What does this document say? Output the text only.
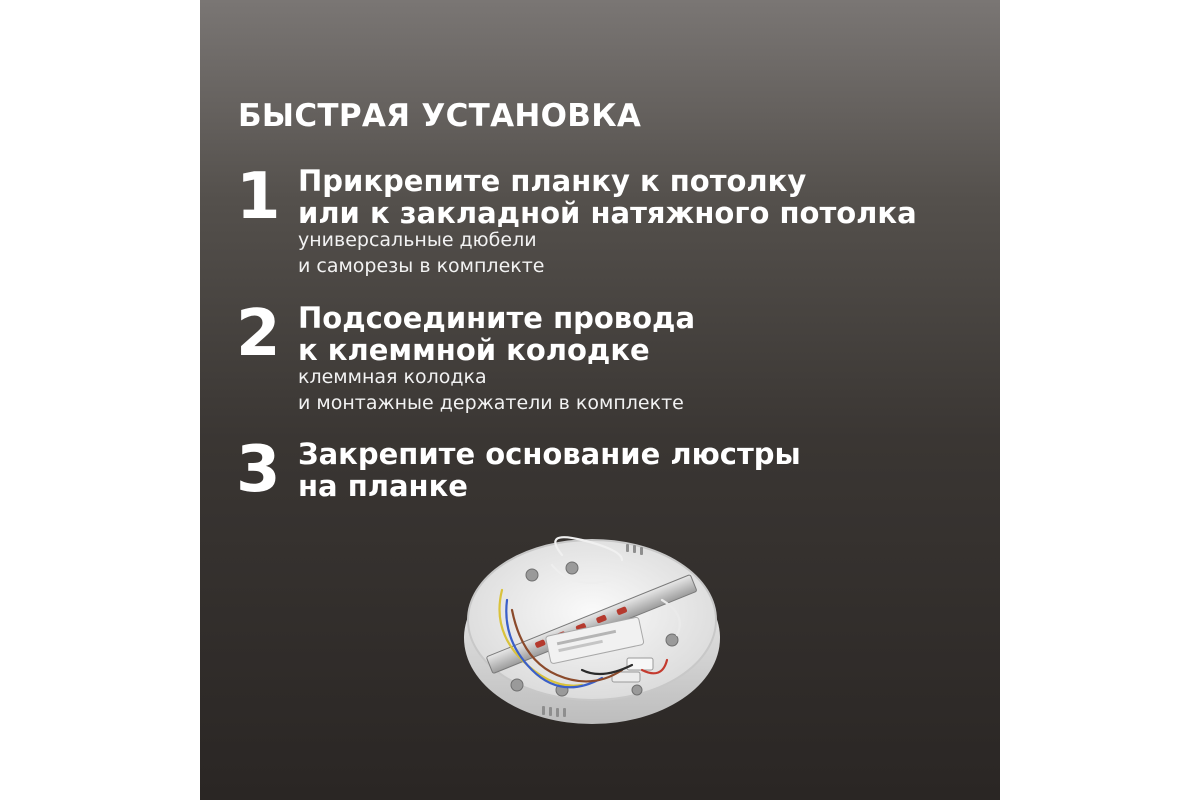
БЫСТРАЯ УСТАНОВКА
1 Прикрепите планку к потолку
или к закладной натяжного потолка
универсальные дюбели
и саморезы в комплекте
2 Подсоедините провода
к клеммной колодке
клеммная колодка
и монтажные держатели в комплекте
3 Закрепите основание люстры
на планке
